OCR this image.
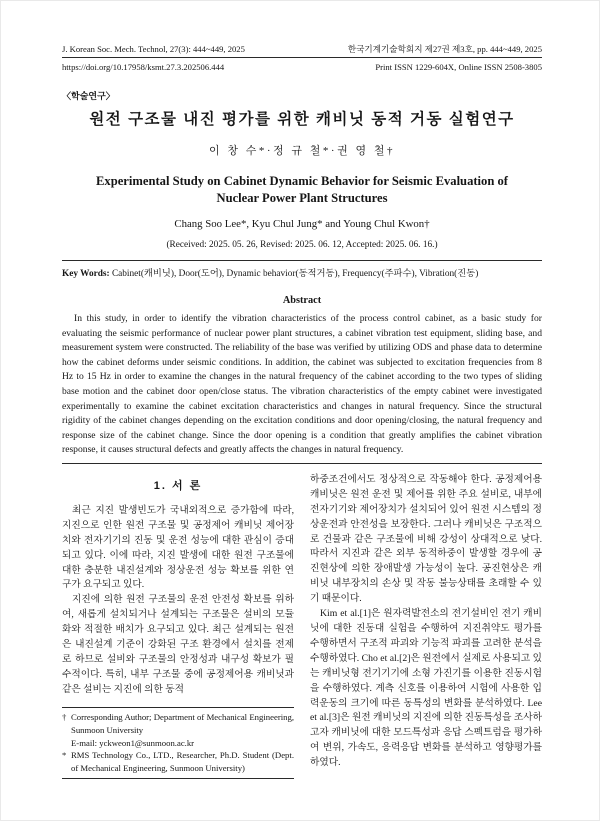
J. Korean Soc. Mech. Technol, 27(3): 444~449, 2025	한국기계기술학회지 제27권 제3호, pp. 444~449, 2025
https://doi.org/10.17958/ksmt.27.3.202506.444	Print ISSN 1229-604X, Online ISSN 2508-3805
〈학술연구〉
원전 구조물 내진 평가를 위한 캐비닛 동적 거동 실험연구
이 창 수*·정 규 철*·권 영 철†
Experimental Study on Cabinet Dynamic Behavior for Seismic Evaluation of
Nuclear Power Plant Structures
Chang Soo Lee*, Kyu Chul Jung* and Young Chul Kwon†
(Received: 2025. 05. 26, Revised: 2025. 06. 12, Accepted: 2025. 06. 16.)
Key Words: Cabinet(캐비닛), Door(도어), Dynamic behavior(동적거동), Frequency(주파수), Vibration(진동)
Abstract

In this study, in order to identify the vibration characteristics of the process control cabinet, as a basic study for evaluating the seismic performance of nuclear power plant structures, a cabinet vibration test equipment, sliding base, and measurement system were constructed. The reliability of the base was verified by utilizing ODS and phase data to determine how the cabinet deforms under seismic conditions. In addition, the cabinet was subjected to excitation frequencies from 8 Hz to 15 Hz in order to examine the changes in the natural frequency of the cabinet according to the two types of sliding base motion and the cabinet door open/close status. The vibration characteristics of the empty cabinet were investigated experimentally to examine the cabinet excitation characteristics and changes in natural frequency. Since the structural rigidity of the cabinet changes depending on the excitation conditions and door opening/closing, the natural frequency and response size of the cabinet change. Since the door opening is a condition that greatly amplifies the cabinet vibration response, it causes structural defects and greatly affects the changes in natural frequency.

1. 서 론

최근 지진 발생빈도가 국내외적으로 증가함에 따라, 지진으로 인한 원전 구조물 및 공정제어 캐비닛 제어장치와 전자기기의 진동 및 운전 성능에 대한 관심이 증대되고 있다. 이에 따라, 지진 발생에 대한 원전 구조물에 대한 충분한 내진설계와 정상운전 성능 확보를 위한 연구가 요구되고 있다.

지진에 의한 원전 구조물의 운전 안전성 확보를 위하여, 새롭게 설치되거나 설계되는 구조물은 설비의 모듈화와 적절한 배치가 요구되고 있다. 최근 설계되는 원전은 내진설계 기준이 강화된 구조 환경에서 설치를 전제로 하므로 설비와 구조물의 안정성과 내구성 확보가 필수적이다. 특히, 내부 구조물 중에 공정제어용 캐비닛과 같은 설비는 지진에 의한 동적

† Corresponding Author; Department of Mechanical Engineering, Sunmoon University
E-mail: yckweon1@sunmoon.ac.kr
* RMS Technology Co., LTD., Researcher, Ph.D. Student (Dept. of Mechanical Engineering, Sunmoon University)

하중조건에서도 정상적으로 작동해야 한다. 공정제어용 캐비닛은 원전 운전 및 제어를 위한 주요 설비로, 내부에 전자기기와 제어장치가 설치되어 있어 원전 시스템의 정상운전과 안전성을 보장한다. 그러나 캐비닛은 구조적으로 건물과 같은 구조물에 비해 강성이 상대적으로 낮다. 따라서 지진과 같은 외부 동적하중이 발생할 경우에 공진현상에 의한 장애발생 가능성이 높다. 공진현상은 캐비닛 내부장치의 손상 및 작동 불능상태를 초래할 수 있기 때문이다.

Kim et al.[1]은 원자력발전소의 전기설비인 전기 캐비닛에 대한 진동대 실험을 수행하여 지진취약도 평가를 수행하면서 구조적 파괴와 기능적 파괴를 고려한 분석을 수행하였다. Cho et al.[2]은 원전에서 실제로 사용되고 있는 캐비닛형 전기기기에 소형 가진기를 이용한 진동시험을 수행하였다. 계측 신호를 이용하여 시험에 사용한 입력운동의 크기에 따른 동특성의 변화를 분석하였다. Lee et al.[3]은 원전 캐비닛의 지진에 의한 진동특성을 조사하고자 캐비닛에 대한 모드특성과 응답 스펙트럼을 평가하여 변위, 가속도, 응력응답 변화를 분석하고 영향평가를 하였다.
